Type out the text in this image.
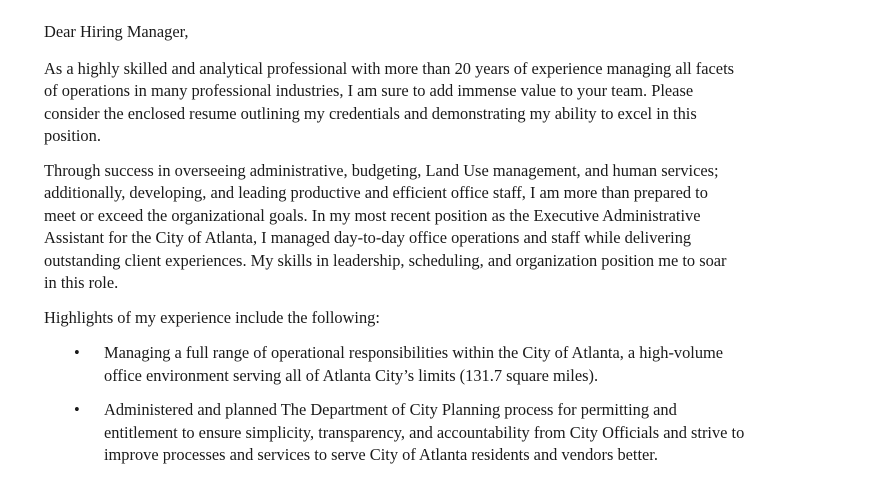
Dear Hiring Manager,

As a highly skilled and analytical professional with more than 20 years of experience managing all facets
of operations in many professional industries, I am sure to add immense value to your team. Please
consider the enclosed resume outlining my credentials and demonstrating my ability to excel in this
position.

Through success in overseeing administrative, budgeting, Land Use management, and human services;
additionally, developing, and leading productive and efficient office staff, I am more than prepared to
meet or exceed the organizational goals. In my most recent position as the Executive Administrative
Assistant for the City of Atlanta, I managed day-to-day office operations and staff while delivering
outstanding client experiences. My skills in leadership, scheduling, and organization position me to soar
in this role.

Highlights of my experience include the following:

• Managing a full range of operational responsibilities within the City of Atlanta, a high-volume
office environment serving all of Atlanta City’s limits (131.7 square miles).
• Administered and planned The Department of City Planning process for permitting and
entitlement to ensure simplicity, transparency, and accountability from City Officials and strive to
improve processes and services to serve City of Atlanta residents and vendors better.
